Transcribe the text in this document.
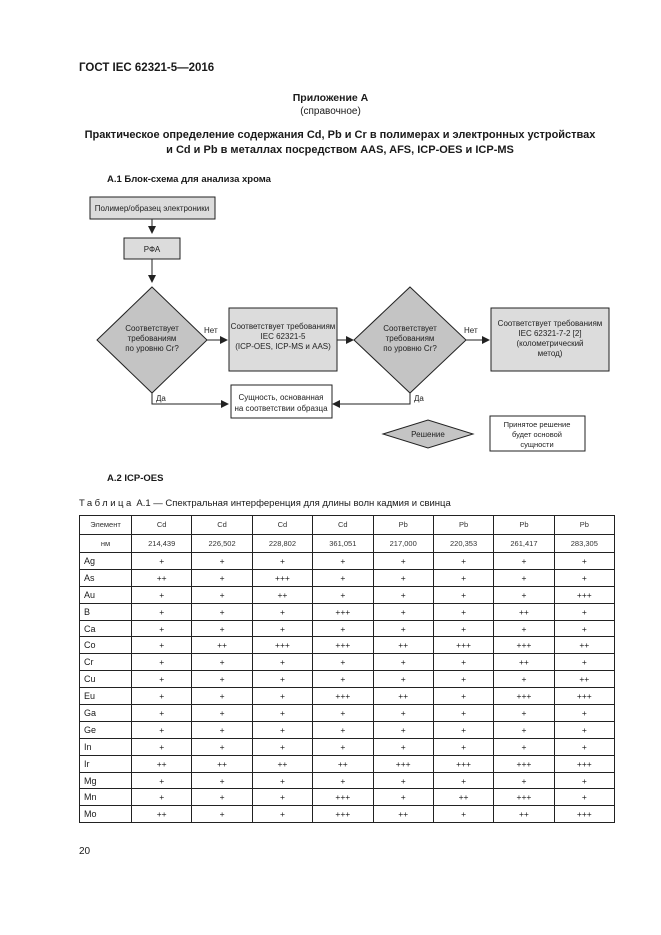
ГОСТ IEC 62321-5—2016
Приложение А
(справочное)
Практическое определение содержания Cd, Pb и Cr в полимерах и электронных устройствах
и Cd и Pb в металлах посредством AAS, AFS, ICP-OES и ICP-MS
А.1 Блок-схема для анализа хрома
Полимер/образец электроники
РФА
Соответствует
требованиям
по уровню Cr?
Нет
Да
Соответствует требованиям
IEC 62321-5
(ICP-OES, ICP-MS и AAS)
Соответствует
требованиям
по уровню Cr?
Нет
Да
Соответствует требованиям
IEC 62321-7-2 [2]
(колометрический
метод)
Сущность, основанная
на соответствии образца
Решение
Принятое решение
будет основой
сущности
А.2 ICP-OES
Таблица А.1 — Спектральная интерференция для длины волн кадмия и свинца
Элемент	Cd	Cd	Cd	Cd	Pb	Pb	Pb	Pb
нм	214,439	226,502	228,802	361,051	217,000	220,353	261,417	283,305
Ag	+	+	+	+	+	+	+	+
As	++	+	+++	+	+	+	+	+
Au	+	+	++	+	+	+	+	+++
B	+	+	+	+++	+	+	++	+
Ca	+	+	+	+	+	+	+	+
Co	+	++	+++	+++	++	+++	+++	++
Cr	+	+	+	+	+	+	++	+
Cu	+	+	+	+	+	+	+	++
Eu	+	+	+	+++	++	+	+++	+++
Ga	+	+	+	+	+	+	+	+
Ge	+	+	+	+	+	+	+	+
In	+	+	+	+	+	+	+	+
Ir	++	++	++	++	+++	+++	+++	+++
Mg	+	+	+	+	+	+	+	+
Mn	+	+	+	+++	+	++	+++	+
Mo	++	+	+	+++	++	+	++	+++
20
